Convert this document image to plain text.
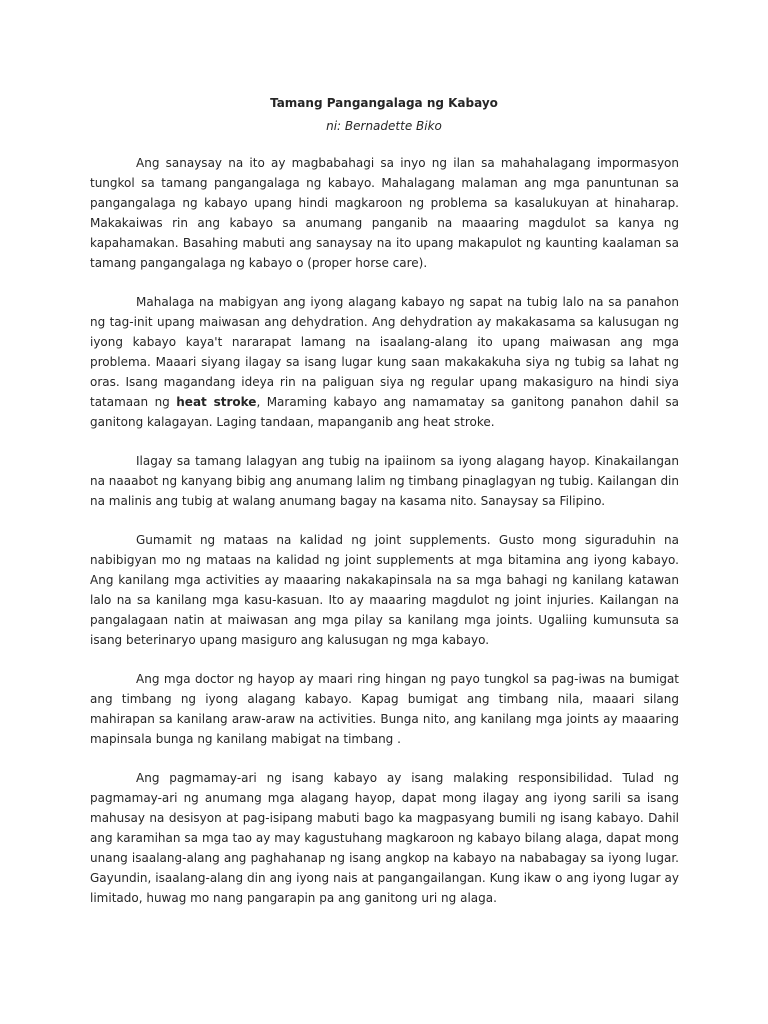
Tamang Pangangalaga ng Kabayo
ni: Bernadette Biko

Ang sanaysay na ito ay magbabahagi sa inyo ng ilan sa mahahalagang impormasyon tungkol sa tamang pangangalaga ng kabayo. Mahalagang malaman ang mga panuntunan sa pangangalaga ng kabayo upang hindi magkaroon ng problema sa kasalukuyan at hinaharap. Makakaiwas rin ang kabayo sa anumang panganib na maaaring magdulot sa kanya ng kapahamakan. Basahing mabuti ang sanaysay na ito upang makapulot ng kaunting kaalaman sa tamang pangangalaga ng kabayo o (proper horse care).

Mahalaga na mabigyan ang iyong alagang kabayo ng sapat na tubig lalo na sa panahon ng tag-init upang maiwasan ang dehydration. Ang dehydration ay makakasama sa kalusugan ng iyong kabayo kaya't nararapat lamang na isaalang-alang ito upang maiwasan ang mga problema. Maaari siyang ilagay sa isang lugar kung saan makakakuha siya ng tubig sa lahat ng oras. Isang magandang ideya rin na paliguan siya ng regular upang makasiguro na hindi siya tatamaan ng heat stroke, Maraming kabayo ang namamatay sa ganitong panahon dahil sa ganitong kalagayan. Laging tandaan, mapanganib ang heat stroke.

Ilagay sa tamang lalagyan ang tubig na ipaiinom sa iyong alagang hayop. Kinakailangan na naaabot ng kanyang bibig ang anumang lalim ng timbang pinaglagyan ng tubig. Kailangan din na malinis ang tubig at walang anumang bagay na kasama nito. Sanaysay sa Filipino.

Gumamit ng mataas na kalidad ng joint supplements. Gusto mong siguraduhin na nabibigyan mo ng mataas na kalidad ng joint supplements at mga bitamina ang iyong kabayo. Ang kanilang mga activities ay maaaring nakakapinsala na sa mga bahagi ng kanilang katawan lalo na sa kanilang mga kasu-kasuan. Ito ay maaaring magdulot ng joint injuries. Kailangan na pangalagaan natin at maiwasan ang mga pilay sa kanilang mga joints. Ugaliing kumunsuta sa isang beterinaryo upang masiguro ang kalusugan ng mga kabayo.

Ang mga doctor ng hayop ay maari ring hingan ng payo tungkol sa pag-iwas na bumigat ang timbang ng iyong alagang kabayo. Kapag bumigat ang timbang nila, maaari silang mahirapan sa kanilang araw-araw na activities. Bunga nito, ang kanilang mga joints ay maaaring mapinsala bunga ng kanilang mabigat na timbang .

Ang pagmamay-ari ng isang kabayo ay isang malaking responsibilidad. Tulad ng pagmamay-ari ng anumang mga alagang hayop, dapat mong ilagay ang iyong sarili sa isang mahusay na desisyon at pag-isipang mabuti bago ka magpasyang bumili ng isang kabayo. Dahil ang karamihan sa mga tao ay may kagustuhang magkaroon ng kabayo bilang alaga, dapat mong unang isaalang-alang ang paghahanap ng isang angkop na kabayo na nababagay sa iyong lugar. Gayundin, isaalang-alang din ang iyong nais at pangangailangan. Kung ikaw o ang iyong lugar ay limitado, huwag mo nang pangarapin pa ang ganitong uri ng alaga.
